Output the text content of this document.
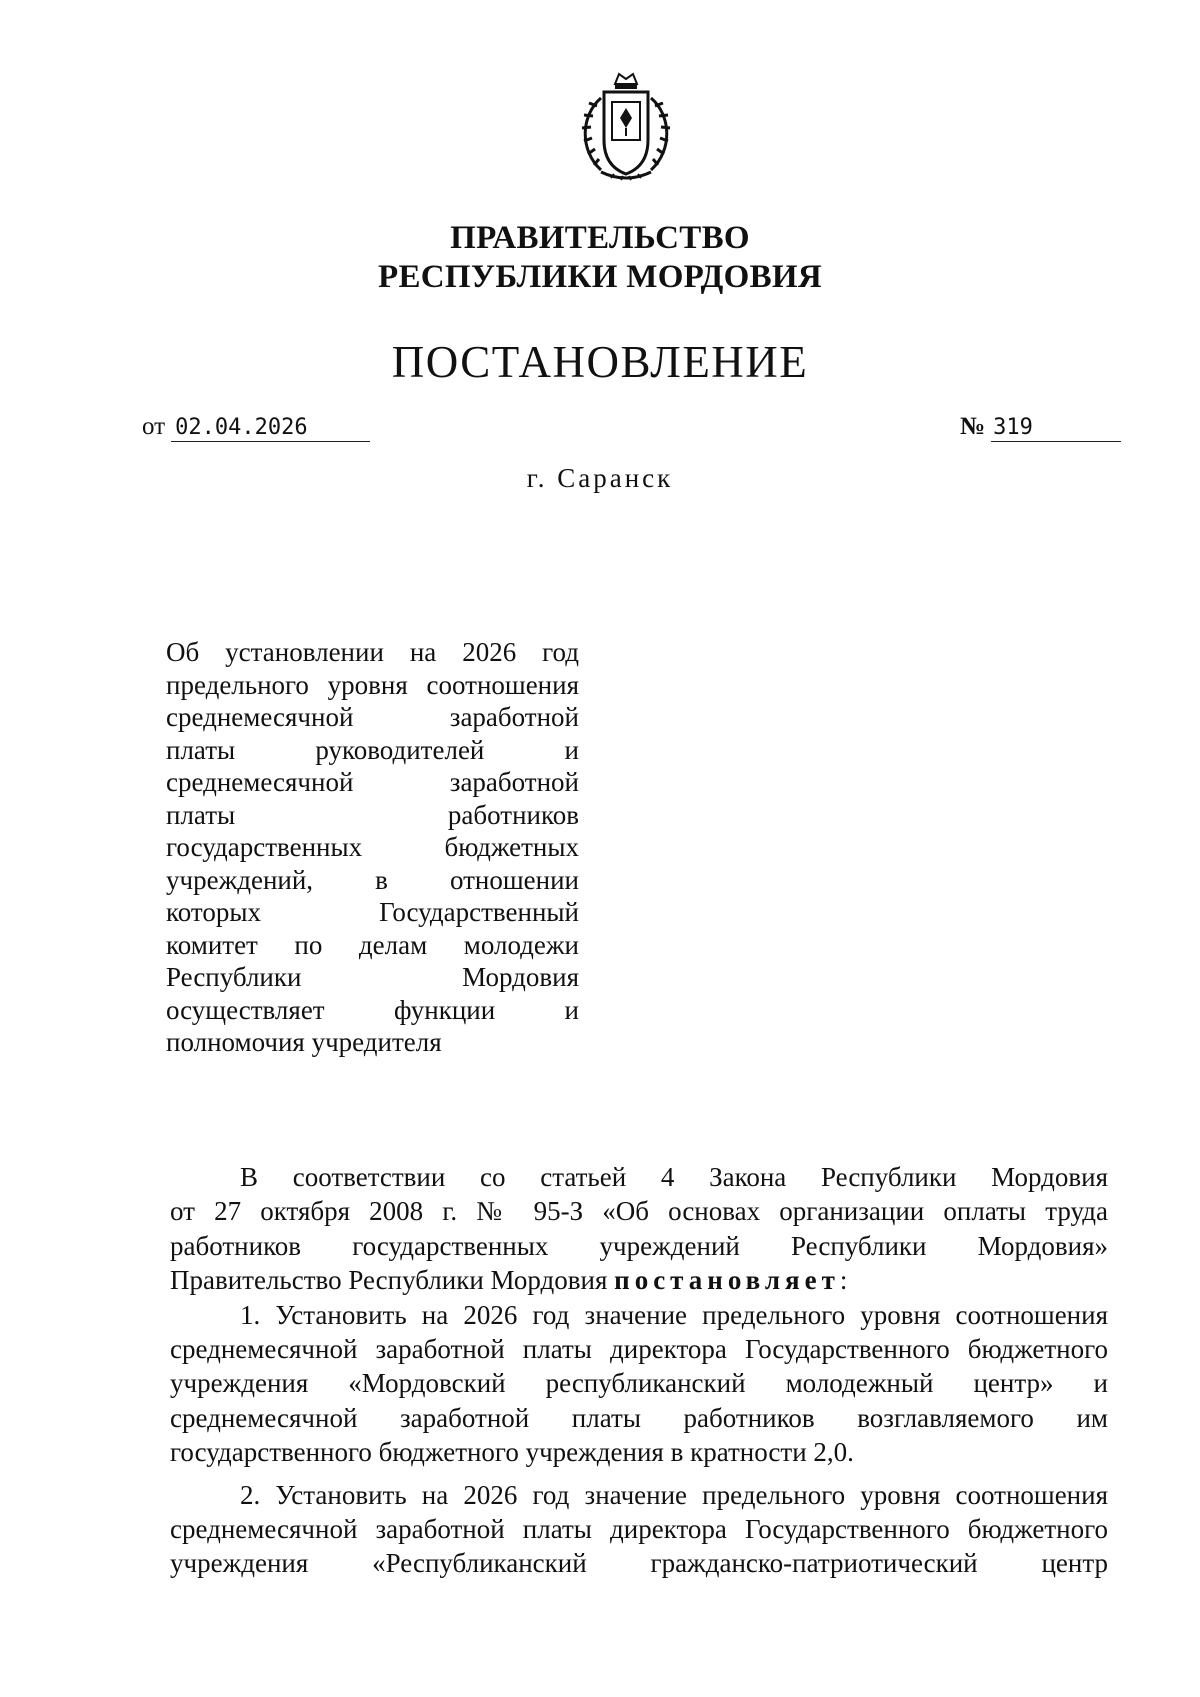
ПРАВИТЕЛЬСТВО
РЕСПУБЛИКИ МОРДОВИЯ
ПОСТАНОВЛЕНИЕ
от 02.04.2026	№ 319
г. Саранск
Об установлении на 2026 год
предельного уровня соотношения
среднемесячной заработной
платы руководителей и
среднемесячной заработной
платы работников
государственных бюджетных
учреждений, в отношении
которых Государственный
комитет по делам молодежи
Республики Мордовия
осуществляет функции и
полномочия учредителя
В соответствии со статьей 4 Закона Республики Мордовия
от 27 октября 2008 г. № 95-З «Об основах организации оплаты труда
работников государственных учреждений Республики Мордовия»
Правительство Республики Мордовия постановляет:
1. Установить на 2026 год значение предельного уровня соотношения
среднемесячной заработной платы директора Государственного бюджетного
учреждения «Мордовский республиканский молодежный центр» и
среднемесячной заработной платы работников возглавляемого им
государственного бюджетного учреждения в кратности 2,0.
2. Установить на 2026 год значение предельного уровня соотношения
среднемесячной заработной платы директора Государственного бюджетного
учреждения «Республиканский гражданско-патриотический центр
